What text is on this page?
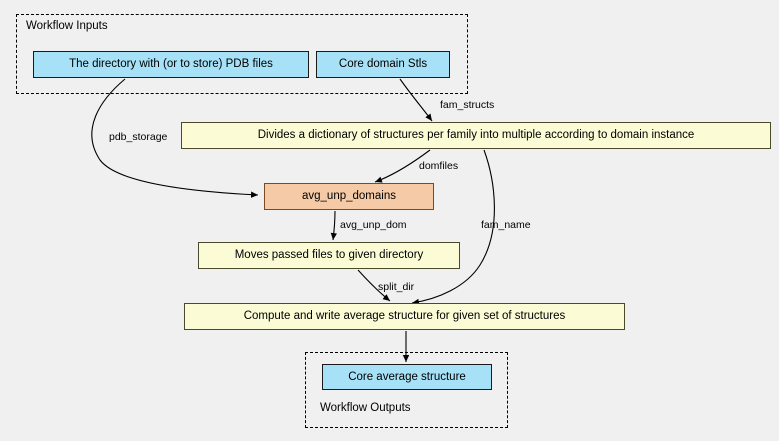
Workflow Inputs
Workflow Outputs
The directory with (or to store) PDB files	Core domain Stls
Divides a dictionary of structures per family into multiple according to domain instance
avg_unp_domains
Moves passed files to given directory
Compute and write average structure for given set of structures
Core average structure
fam_structs
pdb_storage
domfiles
avg_unp_dom	fam_name
split_dir
